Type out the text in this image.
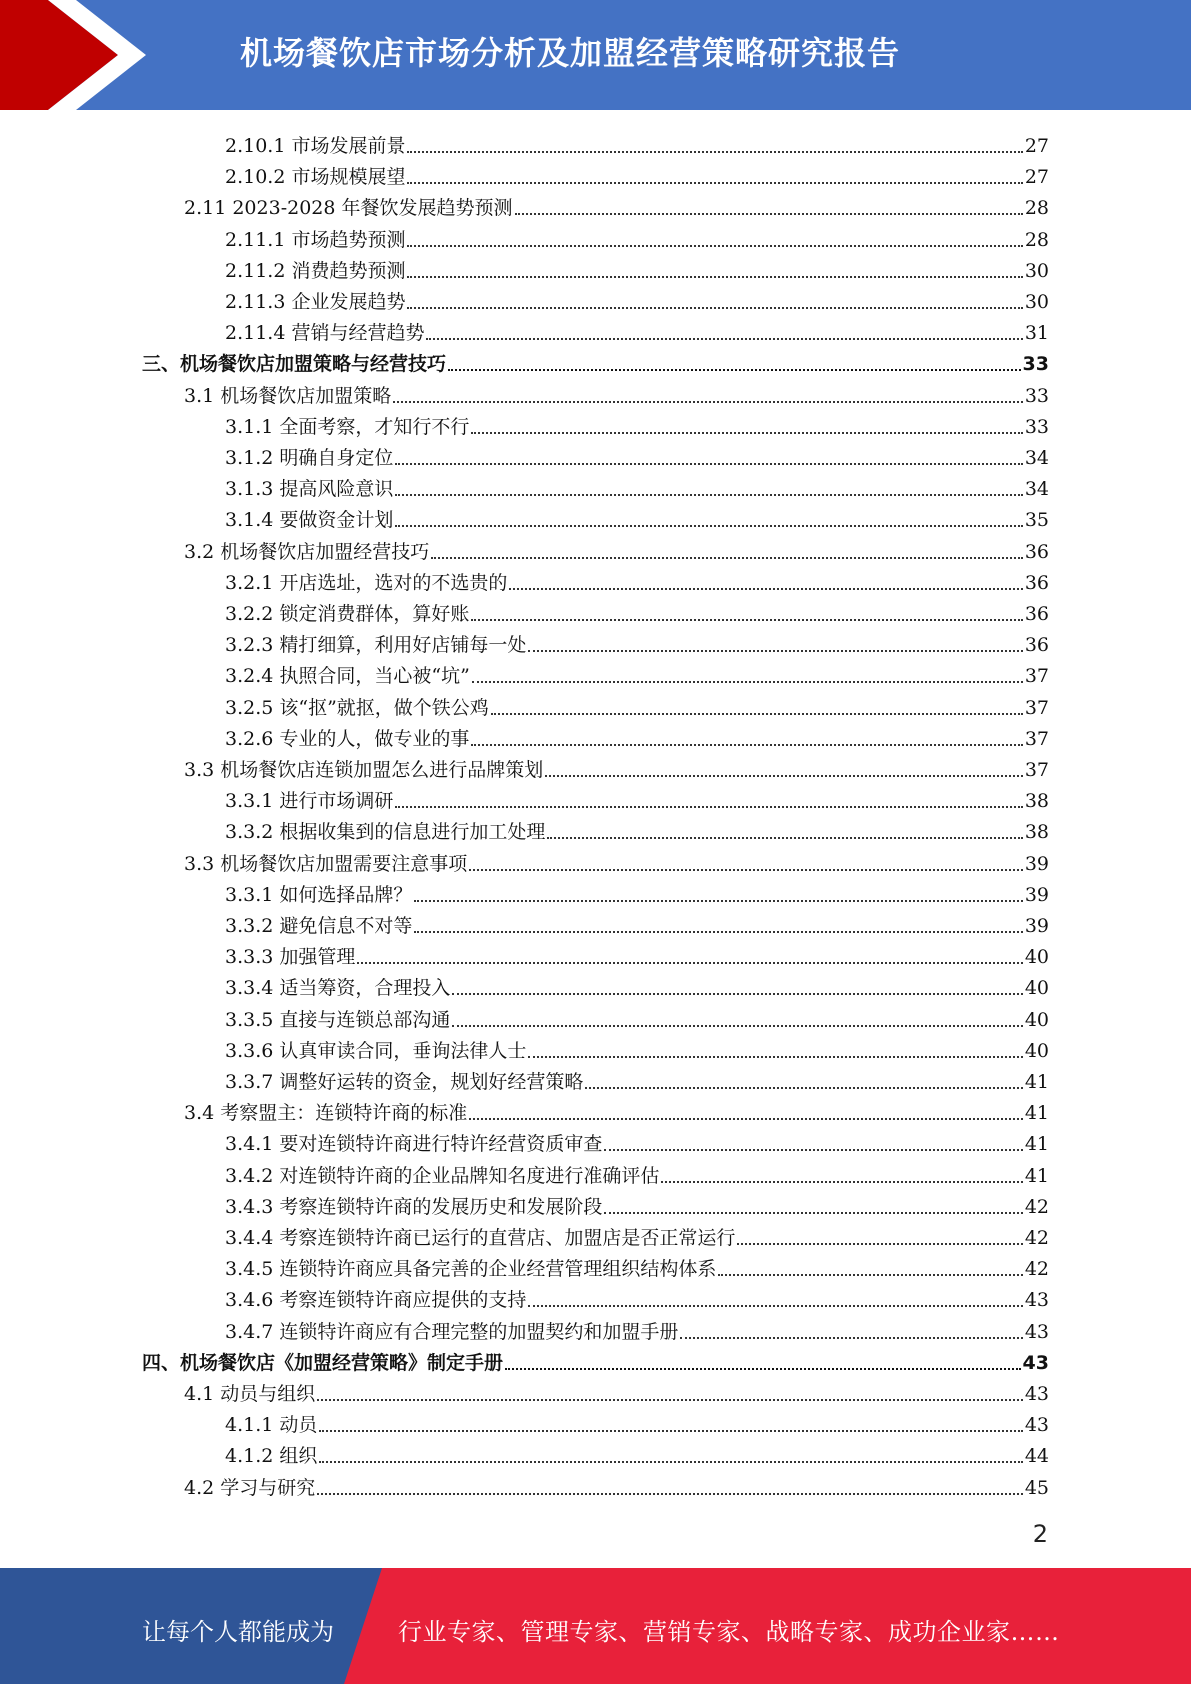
机场餐饮店市场分析及加盟经营策略研究报告
2.10.1 市场发展前景	27
2.10.2 市场规模展望	27
2.11 2023-2028 年餐饮发展趋势预测	28
2.11.1 市场趋势预测	28
2.11.2 消费趋势预测	30
2.11.3 企业发展趋势	30
2.11.4 营销与经营趋势	31
三、机场餐饮店加盟策略与经营技巧	33
3.1 机场餐饮店加盟策略	33
3.1.1 全面考察，才知行不行	33
3.1.2 明确自身定位	34
3.1.3 提高风险意识	34
3.1.4 要做资金计划	35
3.2 机场餐饮店加盟经营技巧	36
3.2.1 开店选址，选对的不选贵的	36
3.2.2 锁定消费群体，算好账	36
3.2.3 精打细算，利用好店铺每一处	36
3.2.4 执照合同，当心被“坑”	37
3.2.5 该“抠”就抠，做个铁公鸡	37
3.2.6 专业的人，做专业的事	37
3.3 机场餐饮店连锁加盟怎么进行品牌策划	37
3.3.1 进行市场调研	38
3.3.2 根据收集到的信息进行加工处理	38
3.3 机场餐饮店加盟需要注意事项	39
3.3.1 如何选择品牌？	39
3.3.2 避免信息不对等	39
3.3.3 加强管理	40
3.3.4 适当筹资，合理投入	40
3.3.5 直接与连锁总部沟通	40
3.3.6 认真审读合同，垂询法律人士	40
3.3.7 调整好运转的资金，规划好经营策略	41
3.4 考察盟主：连锁特许商的标准	41
3.4.1 要对连锁特许商进行特许经营资质审查	41
3.4.2 对连锁特许商的企业品牌知名度进行准确评估	41
3.4.3 考察连锁特许商的发展历史和发展阶段	42
3.4.4 考察连锁特许商已运行的直营店、加盟店是否正常运行	42
3.4.5 连锁特许商应具备完善的企业经营管理组织结构体系	42
3.4.6 考察连锁特许商应提供的支持	43
3.4.7 连锁特许商应有合理完整的加盟契约和加盟手册	43
四、机场餐饮店《加盟经营策略》制定手册	43
4.1 动员与组织	43
4.1.1 动员	43
4.1.2 组织	44
4.2 学习与研究	45
2
让每个人都能成为	行业专家、管理专家、营销专家、战略专家、成功企业家……
